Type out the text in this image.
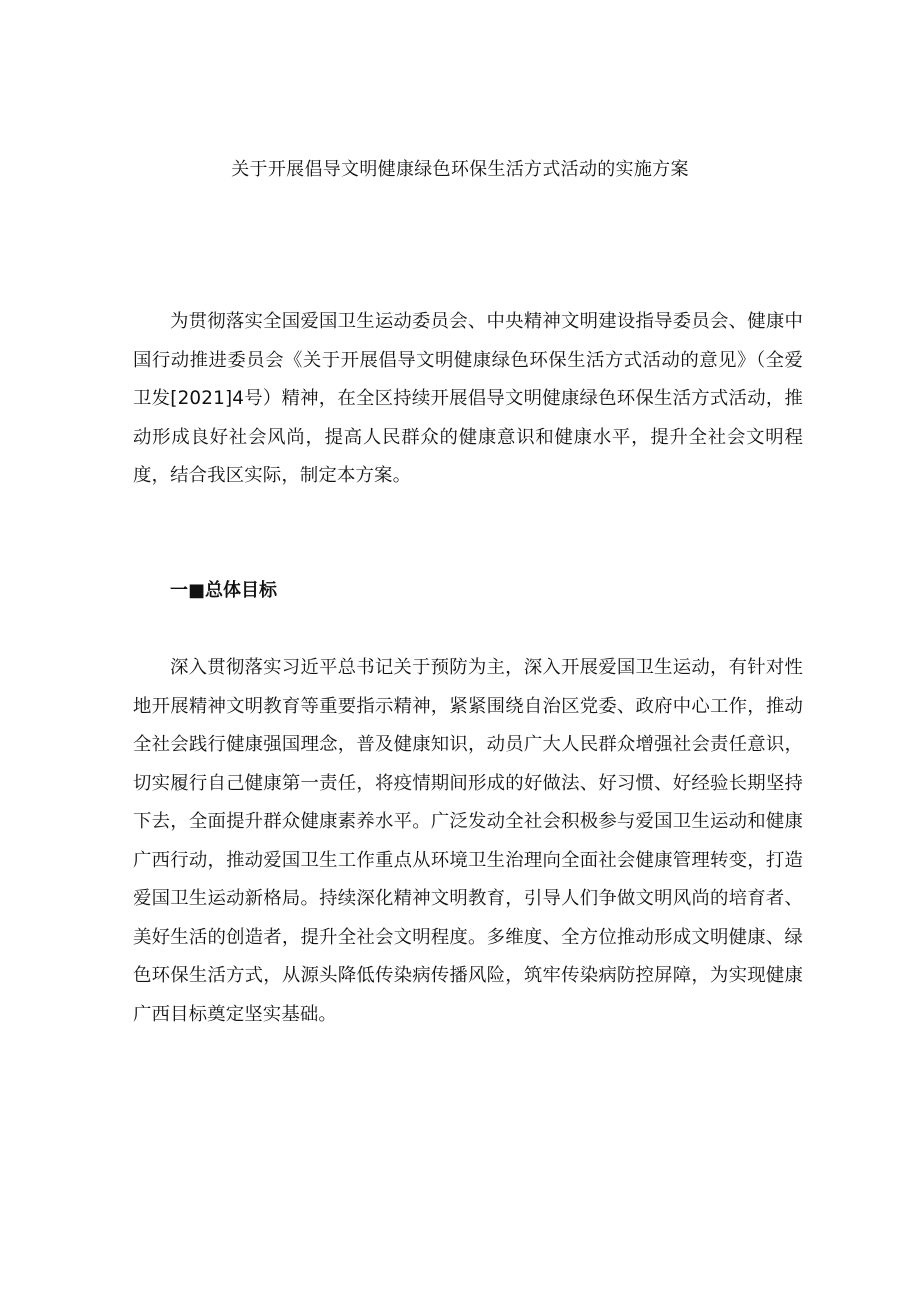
关于开展倡导文明健康绿色环保生活方式活动的实施方案

为贯彻落实全国爱国卫生运动委员会、中央精神文明建设指导委员会、健康中国行动推进委员会《关于开展倡导文明健康绿色环保生活方式活动的意见》（全爱卫发[2021]4号）精神，在全区持续开展倡导文明健康绿色环保生活方式活动，推动形成良好社会风尚，提高人民群众的健康意识和健康水平，提升全社会文明程度，结合我区实际，制定本方案。

一■总体目标

深入贯彻落实习近平总书记关于预防为主，深入开展爱国卫生运动，有针对性地开展精神文明教育等重要指示精神，紧紧围绕自治区党委、政府中心工作，推动全社会践行健康强国理念，普及健康知识，动员广大人民群众增强社会责任意识，切实履行自己健康第一责任，将疫情期间形成的好做法、好习惯、好经验长期坚持下去，全面提升群众健康素养水平。广泛发动全社会积极参与爱国卫生运动和健康广西行动，推动爱国卫生工作重点从环境卫生治理向全面社会健康管理转变，打造爱国卫生运动新格局。持续深化精神文明教育，引导人们争做文明风尚的培育者、美好生活的创造者，提升全社会文明程度。多维度、全方位推动形成文明健康、绿色环保生活方式，从源头降低传染病传播风险，筑牢传染病防控屏障，为实现健康广西目标奠定坚实基础。
